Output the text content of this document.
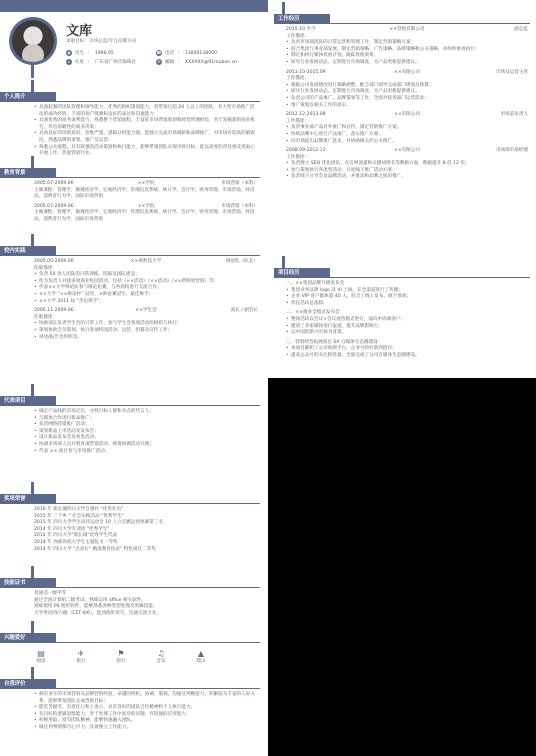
文库
求职目标：市场总监/专注品牌方向
◉ 出生 ： 1996.05	☎ 电话 ： 13800138000
⌂	住址 ： 广东省广州市海珠区	✉ 邮箱 ： XXXXXX@91muban.cn
个人简介
• 具备较强的团队管理和领导能力，优秀的组织策划能力，曾带领过超 20 人以上的团队，有大型市场推广活动的成功经验，丰富的客户资源和良好的表达和沟通能力；
• 具备优秀的商务谈判能力，熟悉整个营销流程，丰富的市场营销策划和经营管理经验，善于发掘新的商业机会，作出前瞻性的商业决策；
• 具备良好的创新意识，思维严谨，逻辑分析能力强，能独立完成市场调研和品牌推广，对市场有较高的敏锐度，熟悉品牌的策划、推广及运营；
• 熟悉公关流程，具有较强的活动策划和执行能力，能够带领团队实现市场目标，能以高度的责任感及进取心开展工作，热爱营销行业。
教育背景
2005.07-2009.06	××学院	市场营销（本科）
主修课程：管理学、微观经济学、宏观经济学、管理信息系统、统计学、会计学、财务管理、市场营销、经济法、消费者行为学、国际市场营销
2005.07-2009.06	××学院	市场营销（本科）
主修课程：管理学、微观经济学、宏观经济学、管理信息系统、统计学、会计学、财务管理、市场营销、经济法、消费者行为学、国际市场营销
校内实践
2005.05-2009.06	××商科技大学	辩论队（队长）
任职描述：
• 负责 50 余人团队的日常训练、选拔及团队建设；
• 作为负责人对接多项商业校园活动，包括《××活动》《××活动》《××新鲜度营销》等；
• 代表××大学辩论队参与辩论比赛，与各高校进行交流合作；
• ××大学 “××辩论杯” 冠军，×辩论赛冠军，最佳辩手；
• ××大学 2011 届 “杰出辩手”。
2006.11-2009.06	××学生会	部长 / 副会长
任职描述：
• 协助部长负责学生会的日常工作，参与学生会各项活动的组织与执行；
• 策划协助会员策划、执行各项校园活动、运营、招募及宣传工作；
• 讲述/报告会组织等。
代表项目
• 确定产品线的市场定位，寻找目标人群和卖点的代言人；
• 与媒体合作进行新品推广；
• 负责网络营销推广活动；
• 策划新品上市活动及发布会；
• 设计新品发布会及各类活动；
• 协调市场部人员开展各项营销活动，统筹协调活动开展；
• 代表 ×× 项目参与市场推广活动。
奖项荣誉
2016 年 新长城四川大学自强社 "优秀社员"
2015 年 三下乡 " 社会实践活动 "优秀学生"
2015 年 四川大学学生田径运动会 10 人立定跳远团体赛第三名
2014 年 四川大学军训团 "优秀学生"
2014 年 四川大学"新长城"优秀学生代表
2014 年 西部高校大学生主题征文一等奖
2014 年 四川大学 "点亮行" 精准教育扶贫" 特色项目二等奖
技能证书
普通话一级甲等
通过全国计算机二级考试，熟练运用 office 相关软件。
熟练使用 PS 图形软件，能够熟悉各种类型处理及剪辑技能。
大学英语四/六级（CET-4/6），能熟练听读写，沟通交流专业。
兴趣爱好
▤
阅读
✈
旅行
⚑
骑行
♫
音乐
▲
爬山
自我评价
• 拥有多年的市场营销及品牌营销经验，卓越的组织、协调、策划、沟通及判断能力，积累较为丰富的人际关系，能够带领团队完成营销目标；
• 能吃苦耐劳，有责任心和上进心，具有良好的团队合作精神和个人执行能力；
• 有良好的逻辑思维能力，善于处理工作中复杂的问题，有较强的应变能力；
• 积极进取，富有团队精神，能够快速融入团队。
• 做任何事情都尽心尽力，具备独立工作能力。
工作经历
2015.10 至今	××营销有限公司	副总监
工作描述：
• 负责市场部团队的日常运营和管理工作，制定营销策略方案；
• 结合集团与事业部发展，制定营销策略、广告策略、品牌策略和公关策略，并组织推进执行；
• 制定和执行媒体投放计划，跟踪投放效果；
• 研究行业发展动态，定期进行市场调查，为产品更新提供建议。
2013.10-2015.09	××有限公司	市场及运营主管
工作描述：
• 根据公司发展情况进行战略调整，配合部门领导完成部门规划及预算；
• 研究行业发展动态，定期进行市场调查，为产品更新提供建议；
• 负责公司的产品推广、品牌策划等工作，全面对接各部门运营需求；
• 推广策划以相关工作的落实。
2012.12-2013.08	××有限公司	市场前负责人
工作描述：
• 负责事业部产品对外推广和宣传，制定营销推广方案；
• 协助品牌中心进行产品推广，落实推广方案；
• 向市场提出品牌推广意见，并协助相关的公关推广。
2008.09-2012.12	××有限公司	市场部市场经理
工作描述：
• 负责建立 SEO 优化团队，在官网流量和关键词排名等数据方面，数据提升 8 倍 12 倍；
• 参与策划执行各类型活动，月度线下推广活动方案；
• 负责线下分享会及品牌活动，并推动和品牌之间的推广。
项目经历
一、××集团品牌升级发布会
• 集团业务品牌 logo 及 VI 上线，在全渠道进行了传播；
• 企业 VIP 客户群体超 40 人，结合了线上发布、线下体验；
• 担任活动总指挥。
二、××商业全模式发布会
• 整场活动以会议+会议展营模式进行，面向中高端客户；
• 邀请了多家媒体进行报道，提升品牌影响力；
• 以中国的新兴市场为背景。
三、营销经营拓展项目 6A 自媒体生态圈建设
• 本项目累积了公司视频平台，企业号的拉新到留存；
• 提高公众号的关注粉丝量，全面完成了公司自媒体生态圈建设。
